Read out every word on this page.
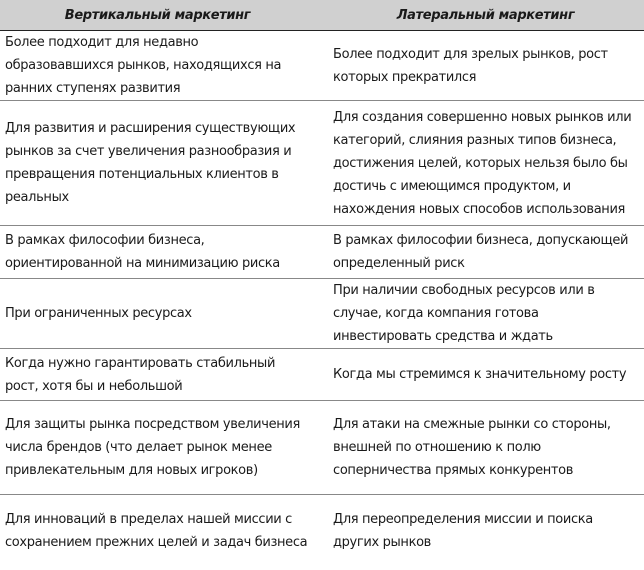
Вертикальный маркетинг	Латеральный маркетинг
Более подходит для недавно образовавшихся рынков, находящихся на ранних ступенях развития	Более подходит для зрелых рынков, рост которых прекратился
Для развития и расширения существующих рынков за счет увеличения разнообразия и превращения потенциальных клиентов в реальных	Для создания совершенно новых рынков или категорий, слияния разных типов бизнеса, достижения целей, которых нельзя было бы достичь с имеющимся продуктом, и нахождения новых способов использования
В рамках философии бизнеса, ориентированной на минимизацию риска	В рамках философии бизнеса, допускающей определенный риск
При ограниченных ресурсах	При наличии свободных ресурсов или в случае, когда компания готова инвестировать средства и ждать
Когда нужно гарантировать стабильный рост, хотя бы и небольшой	Когда мы стремимся к значительному росту
Для защиты рынка посредством увеличения числа брендов (что делает рынок менее привлекательным для новых игроков)	Для атаки на смежные рынки со стороны, внешней по отношению к полю соперничества прямых конкурентов
Для инноваций в пределах нашей миссии с сохранением прежних целей и задач бизнеса	Для переопределения миссии и поиска других рынков
